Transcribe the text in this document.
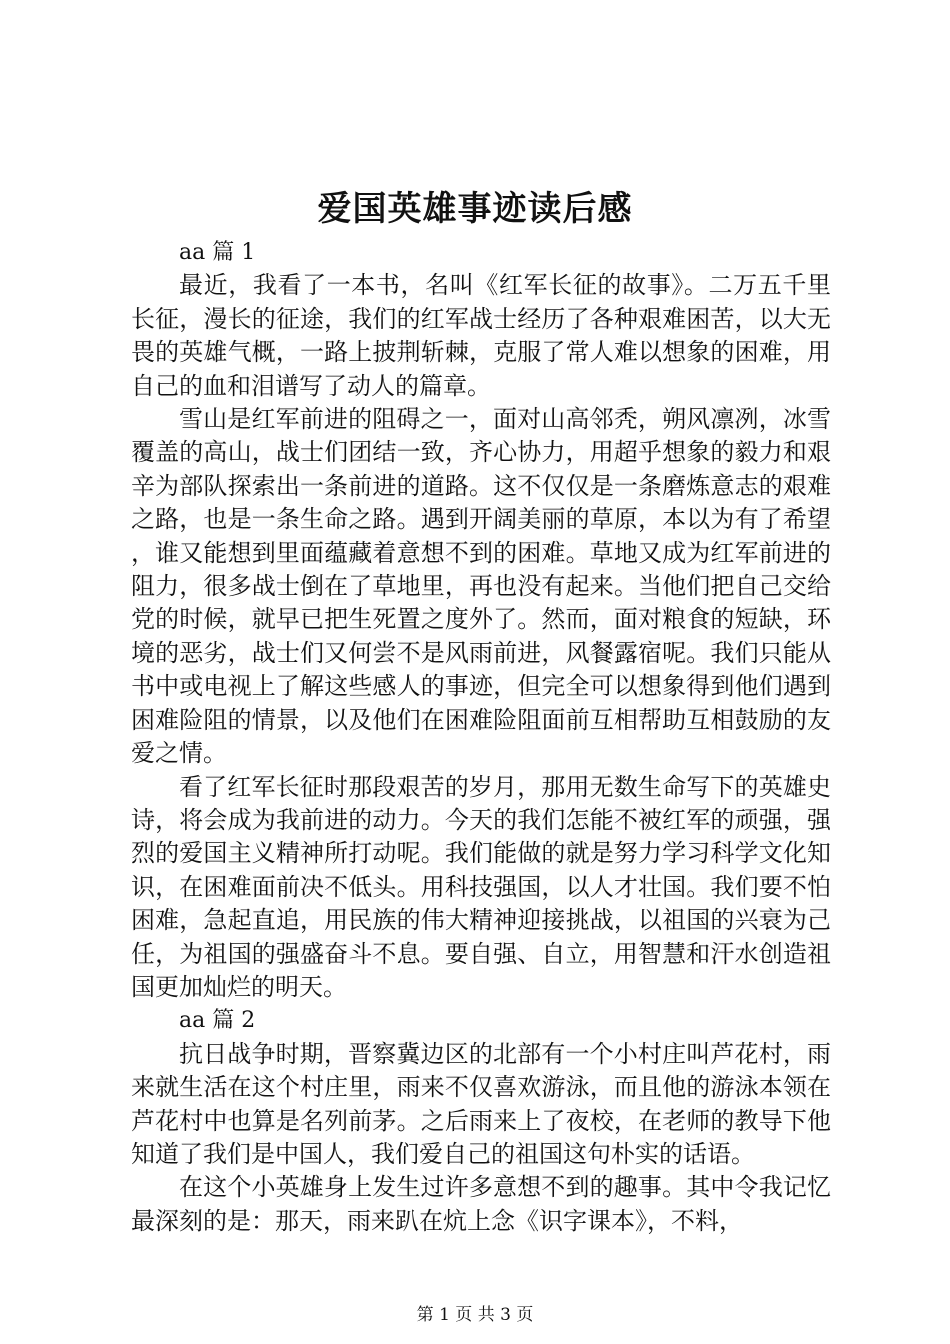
爱国英雄事迹读后感

aa 篇 1

最近，我看了一本书，名叫《红军长征的故事》。二万五千里长征，漫长的征途，我们的红军战士经历了各种艰难困苦，以大无畏的英雄气概，一路上披荆斩棘，克服了常人难以想象的困难，用自己的血和泪谱写了动人的篇章。

雪山是红军前进的阻碍之一，面对山高邻秃，朔风凛冽，冰雪覆盖的高山，战士们团结一致，齐心协力，用超乎想象的毅力和艰辛为部队探索出一条前进的道路。这不仅仅是一条磨炼意志的艰难之路，也是一条生命之路。遇到开阔美丽的草原，本以为有了希望，谁又能想到里面蕴藏着意想不到的困难。草地又成为红军前进的阻力，很多战士倒在了草地里，再也没有起来。当他们把自己交给党的时候，就早已把生死置之度外了。然而，面对粮食的短缺，环境的恶劣，战士们又何尝不是风雨前进，风餐露宿呢。我们只能从书中或电视上了解这些感人的事迹，但完全可以想象得到他们遇到困难险阻的情景，以及他们在困难险阻面前互相帮助互相鼓励的友爱之情。

看了红军长征时那段艰苦的岁月，那用无数生命写下的英雄史诗，将会成为我前进的动力。今天的我们怎能不被红军的顽强，强烈的爱国主义精神所打动呢。我们能做的就是努力学习科学文化知识，在困难面前决不低头。用科技强国，以人才壮国。我们要不怕困难，急起直追，用民族的伟大精神迎接挑战，以祖国的兴衰为己任，为祖国的强盛奋斗不息。要自强、自立，用智慧和汗水创造祖国更加灿烂的明天。

aa 篇 2

抗日战争时期，晋察冀边区的北部有一个小村庄叫芦花村，雨来就生活在这个村庄里，雨来不仅喜欢游泳，而且他的游泳本领在芦花村中也算是名列前茅。之后雨来上了夜校，在老师的教导下他知道了我们是中国人，我们爱自己的祖国这句朴实的话语。

在这个小英雄身上发生过许多意想不到的趣事。其中令我记忆最深刻的是：那天，雨来趴在炕上念《识字课本》，不料，

第 1 页 共 3 页
